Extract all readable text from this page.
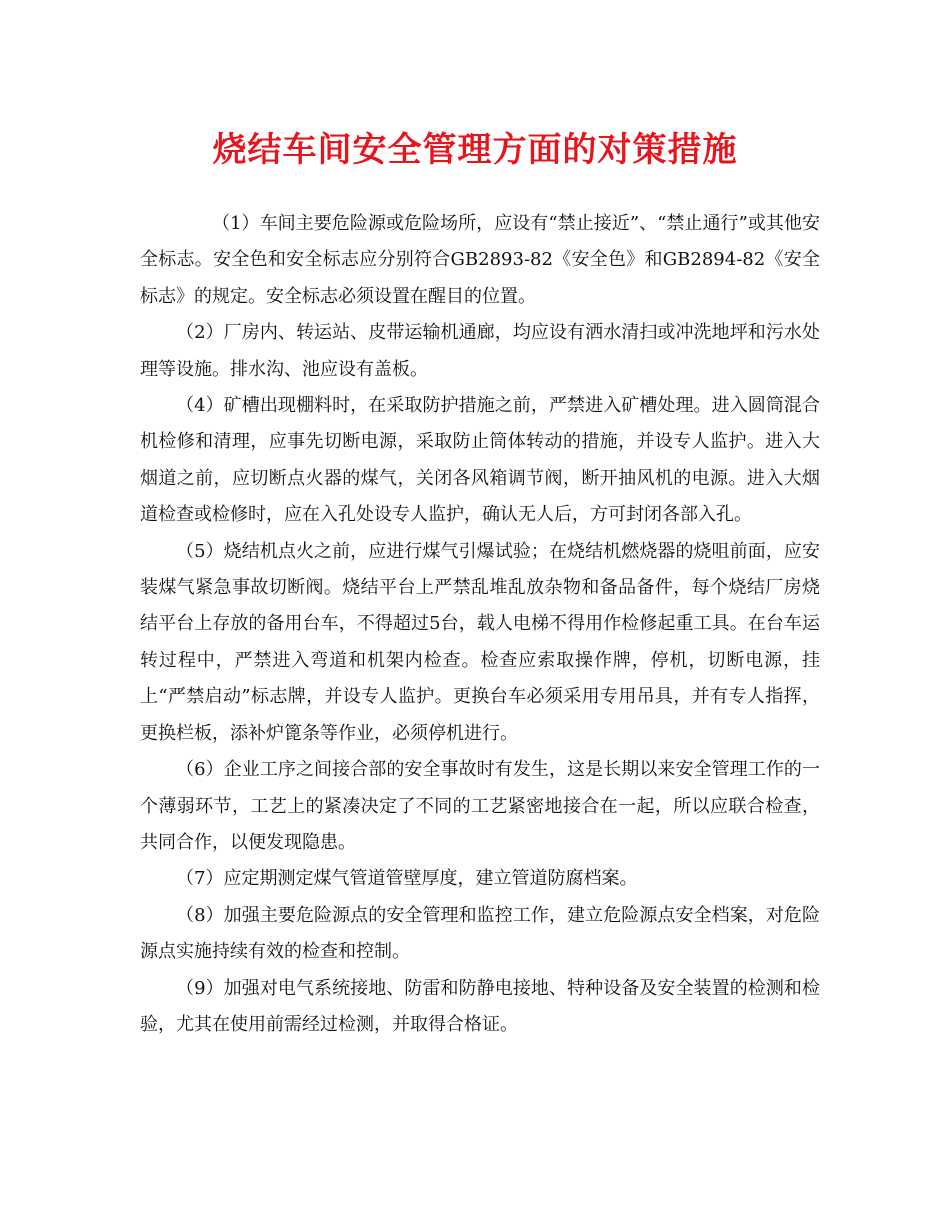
烧结车间安全管理方面的对策措施

（1）车间主要危险源或危险场所，应设有“禁止接近”、“禁止通行”或其他安全标志。安全色和安全标志应分别符合GB2893-82《安全色》和GB2894-82《安全标志》的规定。安全标志必须设置在醒目的位置。

（2）厂房内、转运站、皮带运输机通廊，均应设有洒水清扫或冲洗地坪和污水处理等设施。排水沟、池应设有盖板。

（4）矿槽出现棚料时，在采取防护措施之前，严禁进入矿槽处理。进入圆筒混合机检修和清理，应事先切断电源，采取防止筒体转动的措施，并设专人监护。进入大烟道之前，应切断点火器的煤气，关闭各风箱调节阀，断开抽风机的电源。进入大烟道检查或检修时，应在入孔处设专人监护，确认无人后，方可封闭各部入孔。

（5）烧结机点火之前，应进行煤气引爆试验；在烧结机燃烧器的烧咀前面，应安装煤气紧急事故切断阀。烧结平台上严禁乱堆乱放杂物和备品备件，每个烧结厂房烧结平台上存放的备用台车，不得超过5台，载人电梯不得用作检修起重工具。在台车运转过程中，严禁进入弯道和机架内检查。检查应索取操作牌，停机，切断电源，挂上“严禁启动”标志牌，并设专人监护。更换台车必须采用专用吊具，并有专人指挥，更换栏板，添补炉篦条等作业，必须停机进行。

（6）企业工序之间接合部的安全事故时有发生，这是长期以来安全管理工作的一个薄弱环节，工艺上的紧凑决定了不同的工艺紧密地接合在一起，所以应联合检查，共同合作，以便发现隐患。

（7）应定期测定煤气管道管壁厚度，建立管道防腐档案。

（8）加强主要危险源点的安全管理和监控工作，建立危险源点安全档案，对危险源点实施持续有效的检查和控制。

（9）加强对电气系统接地、防雷和防静电接地、特种设备及安全装置的检测和检验，尤其在使用前需经过检测，并取得合格证。
